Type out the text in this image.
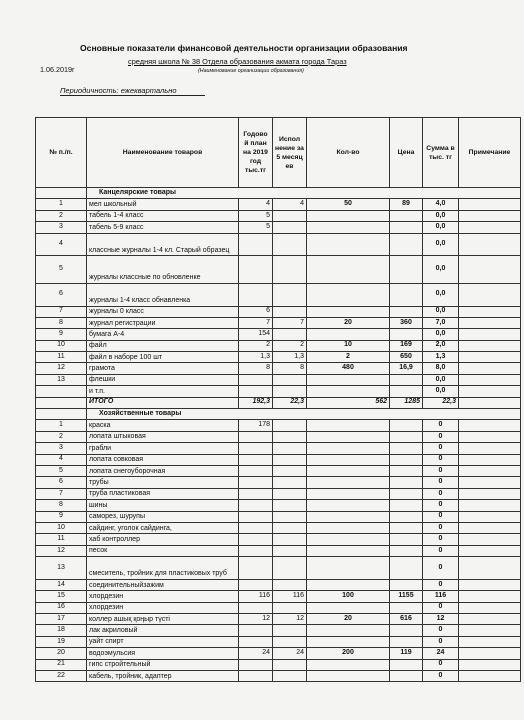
Основные показатели финансовой деятельности организации образования
средняя школа № 38 Отдела образования акмата города Тараз
1.06.2019г	(Наименование организации образования)
Периодичность: ежеквартально
№ п./п.	Наименование товаров	Годово й план на 2019 год тыс.тг	Испол нение за 5 месяц ев	Кол-во	Цена	Сумма в тыс. тг	Примечание
	Канцелярские товары						
1	мел школьный	4	4	50	89	4,0	
2	табель 1-4 класс	5				0,0	
3	табель 5-9 класс	5				0,0	
4	классные журналы 1-4 кл. Старый образец					0,0	
5	журналы классные по обновленке					0,0	
6	журналы 1-4 класс обнавленка					0,0	
7	журналы 0 класс	6				0,0	
8	журнал регистрации	7	7	20	360	7,0	
9	бумага А-4	154				0,0	
10	файл	2	2	10	169	2,0	
11	файл в наборе 100 шт	1,3	1,3	2	650	1,3	
12	грамота	8	8	480	16,9	8,0	
13	флешки					0,0	
	и т.п.					0,0	
	ИТОГО	192,3	22,3	562	1285	22,3	
	Хозяйственные товары						
1	краска	178				0	
2	лопата штыковая					0	
3	грабли					0	
4	лопата совковая					0	
5	лопата снегоуборочная					0	
6	трубы					0	
7	труба пластиковая					0	
8	шины					0	
9	саморез, шурупы					0	
10	сайдинг, уголок сайдинга,					0	
11	хаб контроллер					0	
12	песок					0	
13	смеситель, тройник для пластиковых труб					0	
14	соединительныйзажим					0	
15	хлордезин	116	116	100	1155	116	
16	хлордезин					0	
17	коллер ашық қоңыр түсті	12	12	20	616	12	
18	лак акриловый					0	
19	уайт спирт					0	
20	водоэмульсия	24	24	200	119	24	
21	гипс стройтельный					0	
22	кабель, тройник, адаптер					0	
